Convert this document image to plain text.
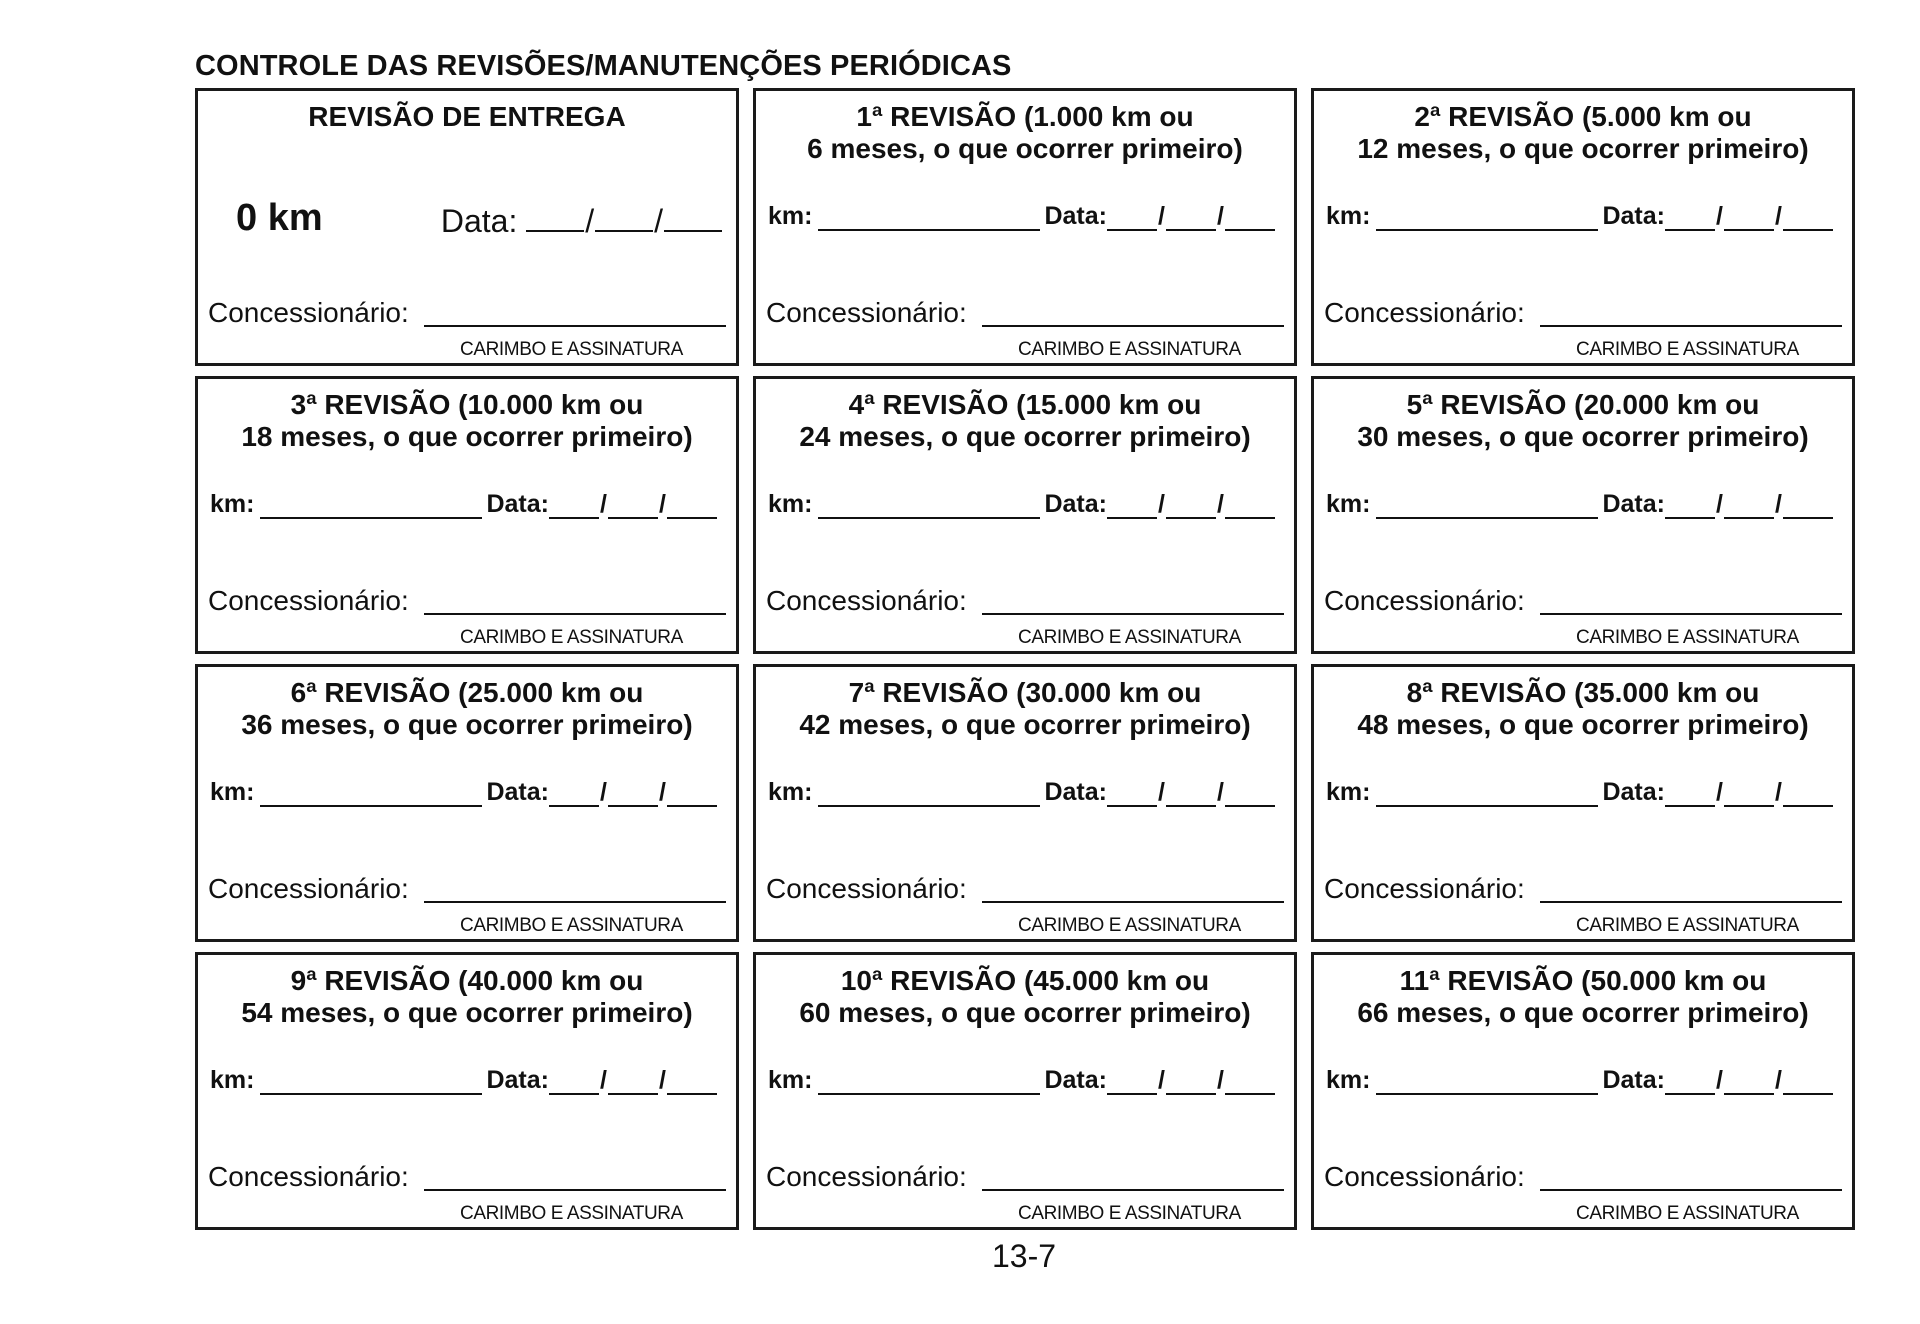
CONTROLE DAS REVISÕES/MANUTENÇÕES PERIÓDICAS
REVISÃO DE ENTREGA
0 km	Data: / /
Concessionário:
CARIMBO E ASSINATURA
1ª REVISÃO (1.000 km ou
6 meses, o que ocorrer primeiro)
km:	Data: / /
Concessionário:
CARIMBO E ASSINATURA
2ª REVISÃO (5.000 km ou
12 meses, o que ocorrer primeiro)
km:	Data: / /
Concessionário:
CARIMBO E ASSINATURA
3ª REVISÃO (10.000 km ou
18 meses, o que ocorrer primeiro)
km:	Data: / /
Concessionário:
CARIMBO E ASSINATURA
4ª REVISÃO (15.000 km ou
24 meses, o que ocorrer primeiro)
km:	Data: / /
Concessionário:
CARIMBO E ASSINATURA
5ª REVISÃO (20.000 km ou
30 meses, o que ocorrer primeiro)
km:	Data: / /
Concessionário:
CARIMBO E ASSINATURA
6ª REVISÃO (25.000 km ou
36 meses, o que ocorrer primeiro)
km:	Data: / /
Concessionário:
CARIMBO E ASSINATURA
7ª REVISÃO (30.000 km ou
42 meses, o que ocorrer primeiro)
km:	Data: / /
Concessionário:
CARIMBO E ASSINATURA
8ª REVISÃO (35.000 km ou
48 meses, o que ocorrer primeiro)
km:	Data: / /
Concessionário:
CARIMBO E ASSINATURA
9ª REVISÃO (40.000 km ou
54 meses, o que ocorrer primeiro)
km:	Data: / /
Concessionário:
CARIMBO E ASSINATURA
10ª REVISÃO (45.000 km ou
60 meses, o que ocorrer primeiro)
km:	Data: / /
Concessionário:
CARIMBO E ASSINATURA
11ª REVISÃO (50.000 km ou
66 meses, o que ocorrer primeiro)
km:	Data: / /
Concessionário:
CARIMBO E ASSINATURA
13-7
